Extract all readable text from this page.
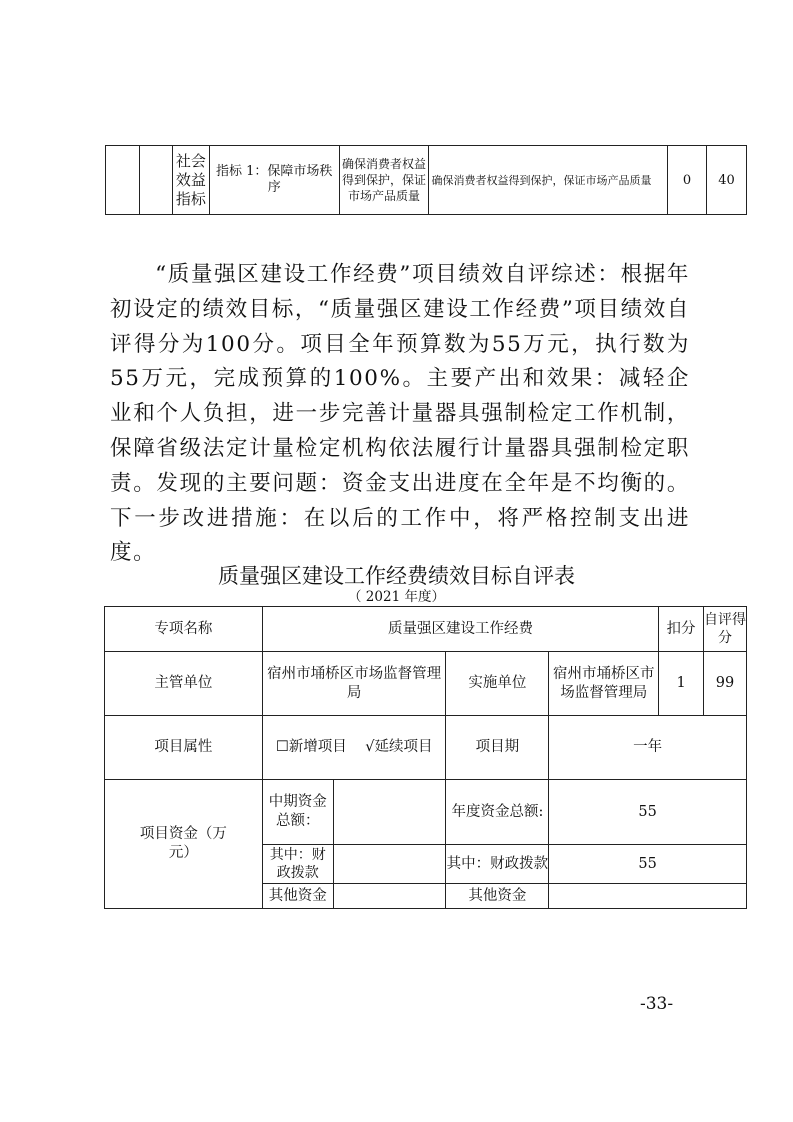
		社会效益指标	指标 1：保障市场秩序	确保消费者权益得到保护，保证市场产品质量	确保消费者权益得到保护，保证市场产品质量	0	40

“质量强区建设工作经费”项目绩效自评综述：根据年初设定的绩效目标，“质量强区建设工作经费”项目绩效自评得分为100分。项目全年预算数为55万元，执行数为55万元，完成预算的100%。主要产出和效果：减轻企业和个人负担，进一步完善计量器具强制检定工作机制，保障省级法定计量检定机构依法履行计量器具强制检定职责。发现的主要问题：资金支出进度在全年是不均衡的。下一步改进措施：在以后的工作中，将严格控制支出进度。

质量强区建设工作经费绩效目标自评表

（ 2021 年度）

专项名称	质量强区建设工作经费				扣分	自评得分
主管单位	宿州市埇桥区市场监督管理局		实施单位	宿州市埇桥区市场监督管理局	1	99
项目属性	☐新增项目 √延续项目		项目期	一年		
项目资金（万元）	中期资金总额：		年度资金总额:	55		
	其中：财政拨款		其中：财政拨款	55		
	其他资金		其他资金			

-33-
